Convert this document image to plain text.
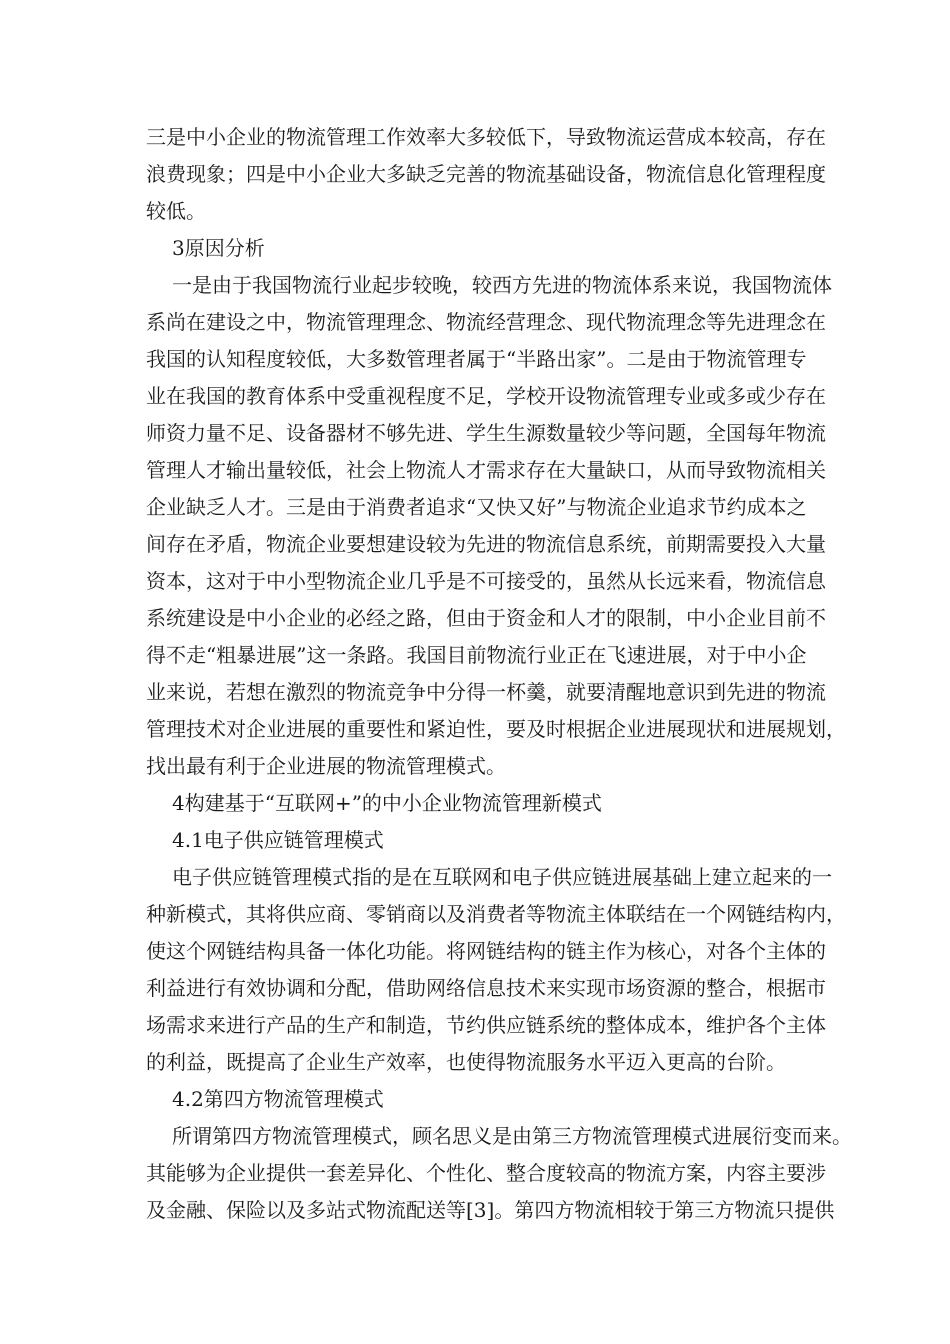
三是中小企业的物流管理工作效率大多较低下，导致物流运营成本较高，存在
浪费现象；四是中小企业大多缺乏完善的物流基础设备，物流信息化管理程度
较低。
3原因分析
一是由于我国物流行业起步较晚，较西方先进的物流体系来说，我国物流体
系尚在建设之中，物流管理理念、物流经营理念、现代物流理念等先进理念在
我国的认知程度较低，大多数管理者属于“半路出家”。二是由于物流管理专
业在我国的教育体系中受重视程度不足，学校开设物流管理专业或多或少存在
师资力量不足、设备器材不够先进、学生生源数量较少等问题，全国每年物流
管理人才输出量较低，社会上物流人才需求存在大量缺口，从而导致物流相关
企业缺乏人才。三是由于消费者追求“又快又好”与物流企业追求节约成本之
间存在矛盾，物流企业要想建设较为先进的物流信息系统，前期需要投入大量
资本，这对于中小型物流企业几乎是不可接受的，虽然从长远来看，物流信息
系统建设是中小企业的必经之路，但由于资金和人才的限制，中小企业目前不
得不走“粗暴进展”这一条路。我国目前物流行业正在飞速进展，对于中小企
业来说，若想在激烈的物流竞争中分得一杯羹，就要清醒地意识到先进的物流
管理技术对企业进展的重要性和紧迫性，要及时根据企业进展现状和进展规划，
找出最有利于企业进展的物流管理模式。
4构建基于“互联网+”的中小企业物流管理新模式
4.1电子供应链管理模式
电子供应链管理模式指的是在互联网和电子供应链进展基础上建立起来的一
种新模式，其将供应商、零销商以及消费者等物流主体联结在一个网链结构内，
使这个网链结构具备一体化功能。将网链结构的链主作为核心，对各个主体的
利益进行有效协调和分配，借助网络信息技术来实现市场资源的整合，根据市
场需求来进行产品的生产和制造，节约供应链系统的整体成本，维护各个主体
的利益，既提高了企业生产效率，也使得物流服务水平迈入更高的台阶。
4.2第四方物流管理模式
所谓第四方物流管理模式，顾名思义是由第三方物流管理模式进展衍变而来。
其能够为企业提供一套差异化、个性化、整合度较高的物流方案，内容主要涉
及金融、保险以及多站式物流配送等[3]。第四方物流相较于第三方物流只提供
